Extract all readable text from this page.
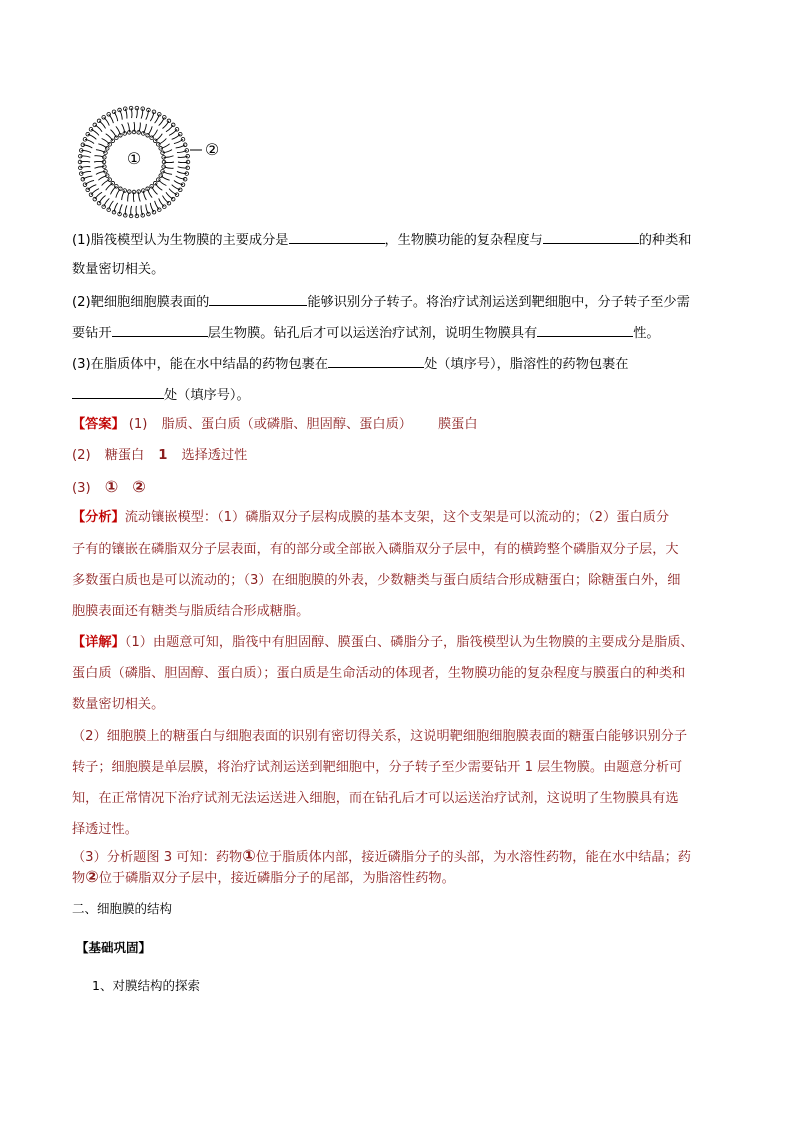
①	②
(1)脂筏模型认为生物膜的主要成分是	，生物膜功能的复杂程度与	的种类和
数量密切相关。
(2)靶细胞细胞膜表面的	能够识别分子转子。将治疗试剂运送到靶细胞中，分子转子至少需
要钻开	层生物膜。钻孔后才可以运送治疗试剂，说明生物膜具有	性。
(3)在脂质体中，能在水中结晶的药物包裹在	处（填序号），脂溶性的药物包裹在
处（填序号）。
【答案】 (1) 脂质、蛋白质（或磷脂、胆固醇、蛋白质） 膜蛋白
(2) 糖蛋白 1 选择透过性
(3) ① ②
【分析】流动镶嵌模型：（1）磷脂双分子层构成膜的基本支架，这个支架是可以流动的；（2）蛋白质分
子有的镶嵌在磷脂双分子层表面，有的部分或全部嵌入磷脂双分子层中，有的横跨整个磷脂双分子层，大
多数蛋白质也是可以流动的；（3）在细胞膜的外表，少数糖类与蛋白质结合形成糖蛋白；除糖蛋白外，细
胞膜表面还有糖类与脂质结合形成糖脂。
【详解】（1）由题意可知，脂筏中有胆固醇、膜蛋白、磷脂分子，脂筏模型认为生物膜的主要成分是脂质、
蛋白质（磷脂、胆固醇、蛋白质）；蛋白质是生命活动的体现者，生物膜功能的复杂程度与膜蛋白的种类和
数量密切相关。
（2）细胞膜上的糖蛋白与细胞表面的识别有密切得关系，这说明靶细胞细胞膜表面的糖蛋白能够识别分子
转子；细胞膜是单层膜，将治疗试剂运送到靶细胞中，分子转子至少需要钻开 1 层生物膜。由题意分析可
知，在正常情况下治疗试剂无法运送进入细胞，而在钻孔后才可以运送治疗试剂，这说明了生物膜具有选
择透过性。
（3）分析题图 3 可知：药物①位于脂质体内部，接近磷脂分子的头部，为水溶性药物，能在水中结晶；药
物②位于磷脂双分子层中，接近磷脂分子的尾部，为脂溶性药物。
二、细胞膜的结构
【基础巩固】
1、对膜结构的探索
